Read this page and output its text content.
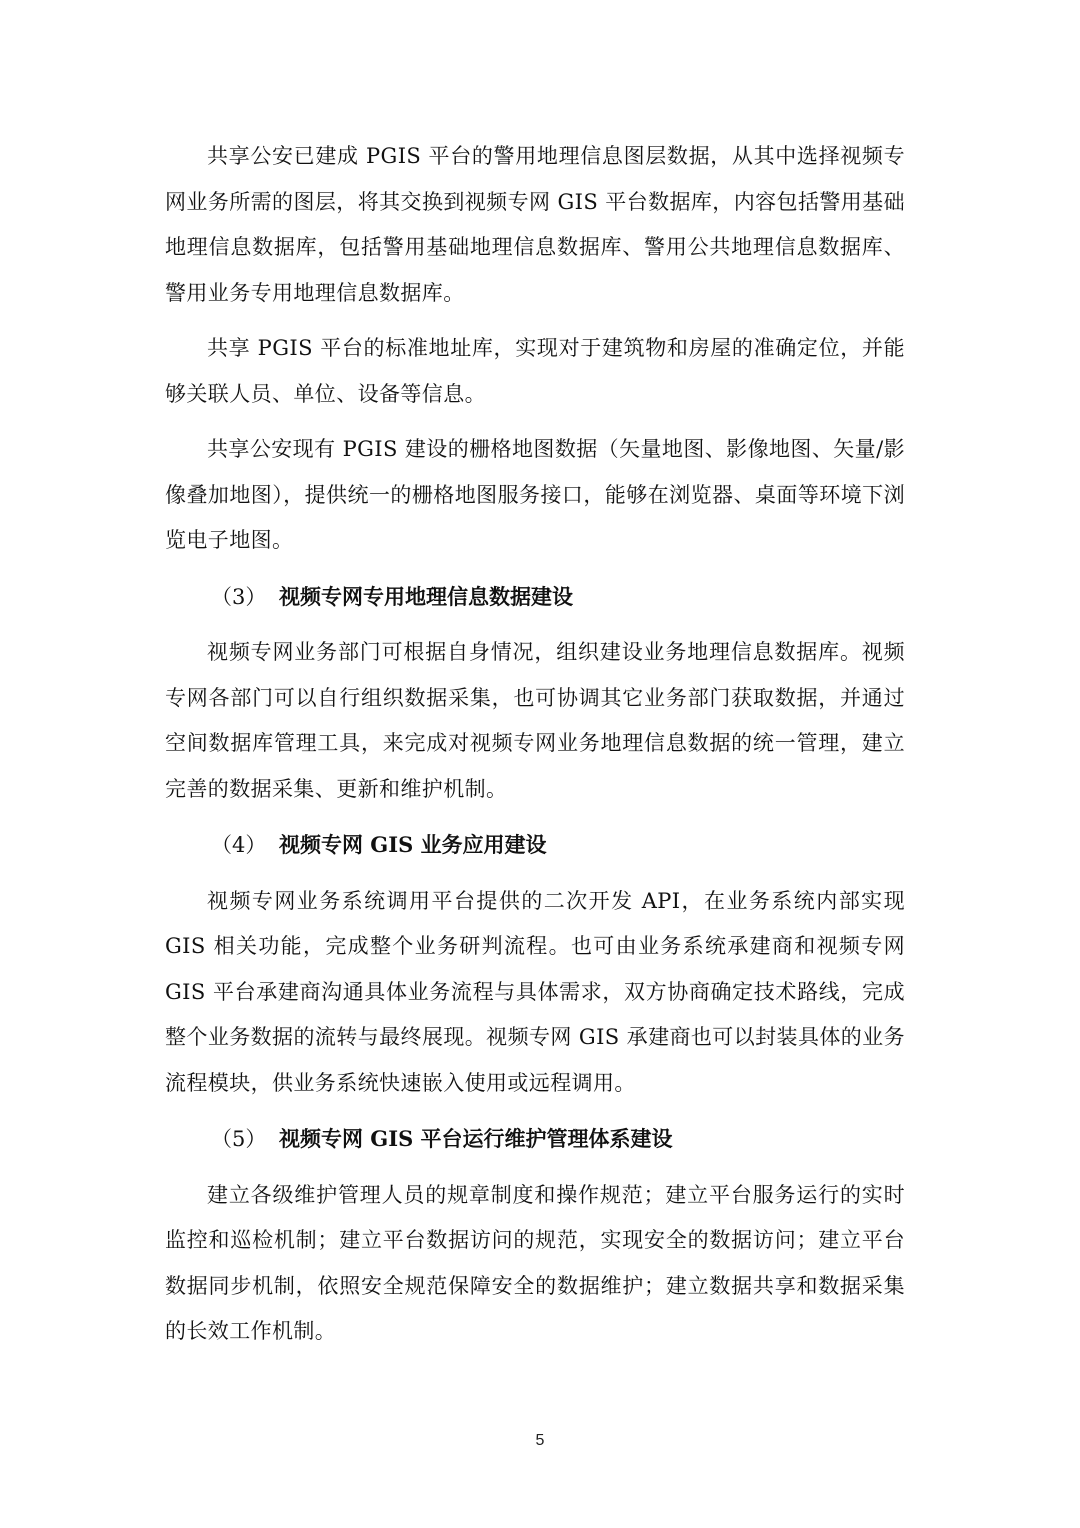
共享公安已建成 PGIS 平台的警用地理信息图层数据，从其中选择视频专网业务所需的图层，将其交换到视频专网 GIS 平台数据库，内容包括警用基础地理信息数据库，包括警用基础地理信息数据库、警用公共地理信息数据库、警用业务专用地理信息数据库。

共享 PGIS 平台的标准地址库，实现对于建筑物和房屋的准确定位，并能够关联人员、单位、设备等信息。

共享公安现有 PGIS 建设的栅格地图数据（矢量地图、影像地图、矢量/影像叠加地图），提供统一的栅格地图服务接口，能够在浏览器、桌面等环境下浏览电子地图。

（3） 视频专网专用地理信息数据建设

视频专网业务部门可根据自身情况，组织建设业务地理信息数据库。视频专网各部门可以自行组织数据采集，也可协调其它业务部门获取数据，并通过空间数据库管理工具，来完成对视频专网业务地理信息数据的统一管理，建立完善的数据采集、更新和维护机制。

（4） 视频专网 GIS 业务应用建设

视频专网业务系统调用平台提供的二次开发 API，在业务系统内部实现 GIS 相关功能，完成整个业务研判流程。也可由业务系统承建商和视频专网 GIS 平台承建商沟通具体业务流程与具体需求，双方协商确定技术路线，完成整个业务数据的流转与最终展现。视频专网 GIS 承建商也可以封装具体的业务流程模块，供业务系统快速嵌入使用或远程调用。

（5） 视频专网 GIS 平台运行维护管理体系建设

建立各级维护管理人员的规章制度和操作规范；建立平台服务运行的实时监控和巡检机制；建立平台数据访问的规范，实现安全的数据访问；建立平台数据同步机制，依照安全规范保障安全的数据维护；建立数据共享和数据采集的长效工作机制。

5
